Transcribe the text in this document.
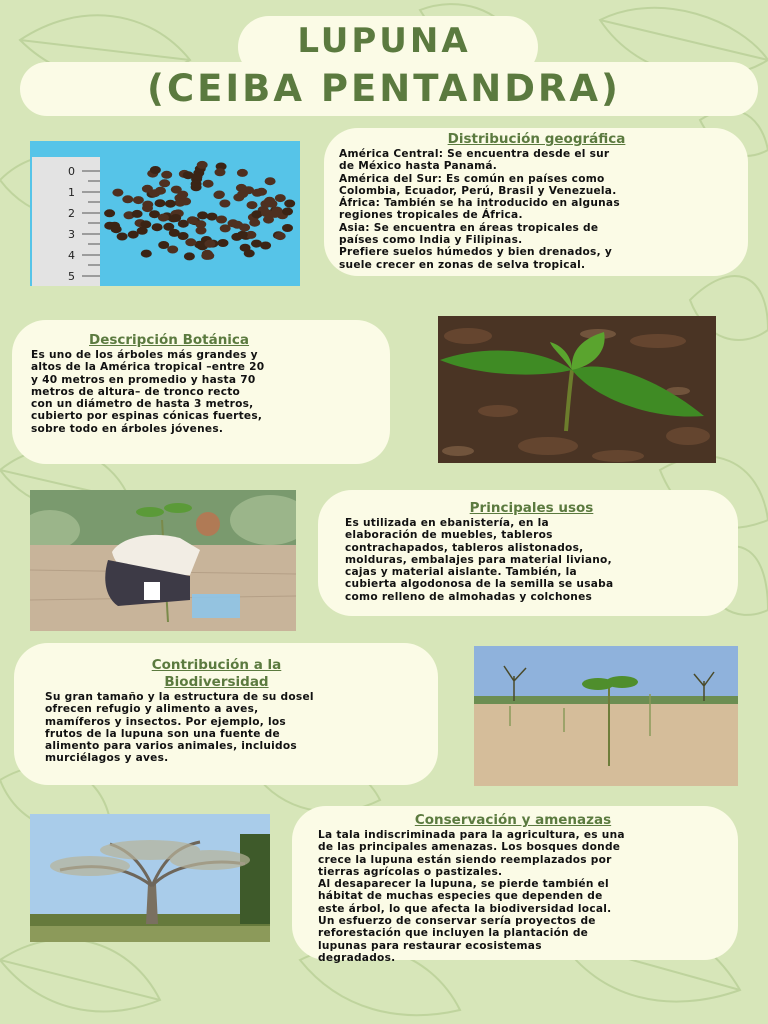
LUPUNA
(CEIBA PENTANDRA)
0
1
2
3
4
5
Distribución geográfica

América Central: Se encuentra desde el sur
de México hasta Panamá.
América del Sur: Es común en países como
Colombia, Ecuador, Perú, Brasil y Venezuela.
África: También se ha introducido en algunas
regiones tropicales de África.
Asia: Se encuentra en áreas tropicales de
países como India y Filipinas.
Prefiere suelos húmedos y bien drenados, y
suele crecer en zonas de selva tropical.

Descripción Botánica

Es uno de los árboles más grandes y
altos de la América tropical –entre 20
y 40 metros en promedio y hasta 70
metros de altura– de tronco recto
con un diámetro de hasta 3 metros,
cubierto por espinas cónicas fuertes,
sobre todo en árboles jóvenes.

Principales usos

Es utilizada en ebanistería, en la
elaboración de muebles, tableros
contrachapados, tableros alistonados,
molduras, embalajes para material liviano,
cajas y material aislante. También, la
cubierta algodonosa de la semilla se usaba
como relleno de almohadas y colchones

Contribución a la
Biodiversidad

Su gran tamaño y la estructura de su dosel
ofrecen refugio y alimento a aves,
mamíferos y insectos. Por ejemplo, los
frutos de la lupuna son una fuente de
alimento para varios animales, incluidos
murciélagos y aves.

Conservación y amenazas

La tala indiscriminada para la agricultura, es una
de las principales amenazas. Los bosques donde
crece la lupuna están siendo reemplazados por
tierras agrícolas o pastizales.
Al desaparecer la lupuna, se pierde también el
hábitat de muchas especies que dependen de
este árbol, lo que afecta la biodiversidad local.
Un esfuerzo de conservar sería proyectos de
reforestación que incluyen la plantación de
lupunas para restaurar ecosistemas
degradados.
